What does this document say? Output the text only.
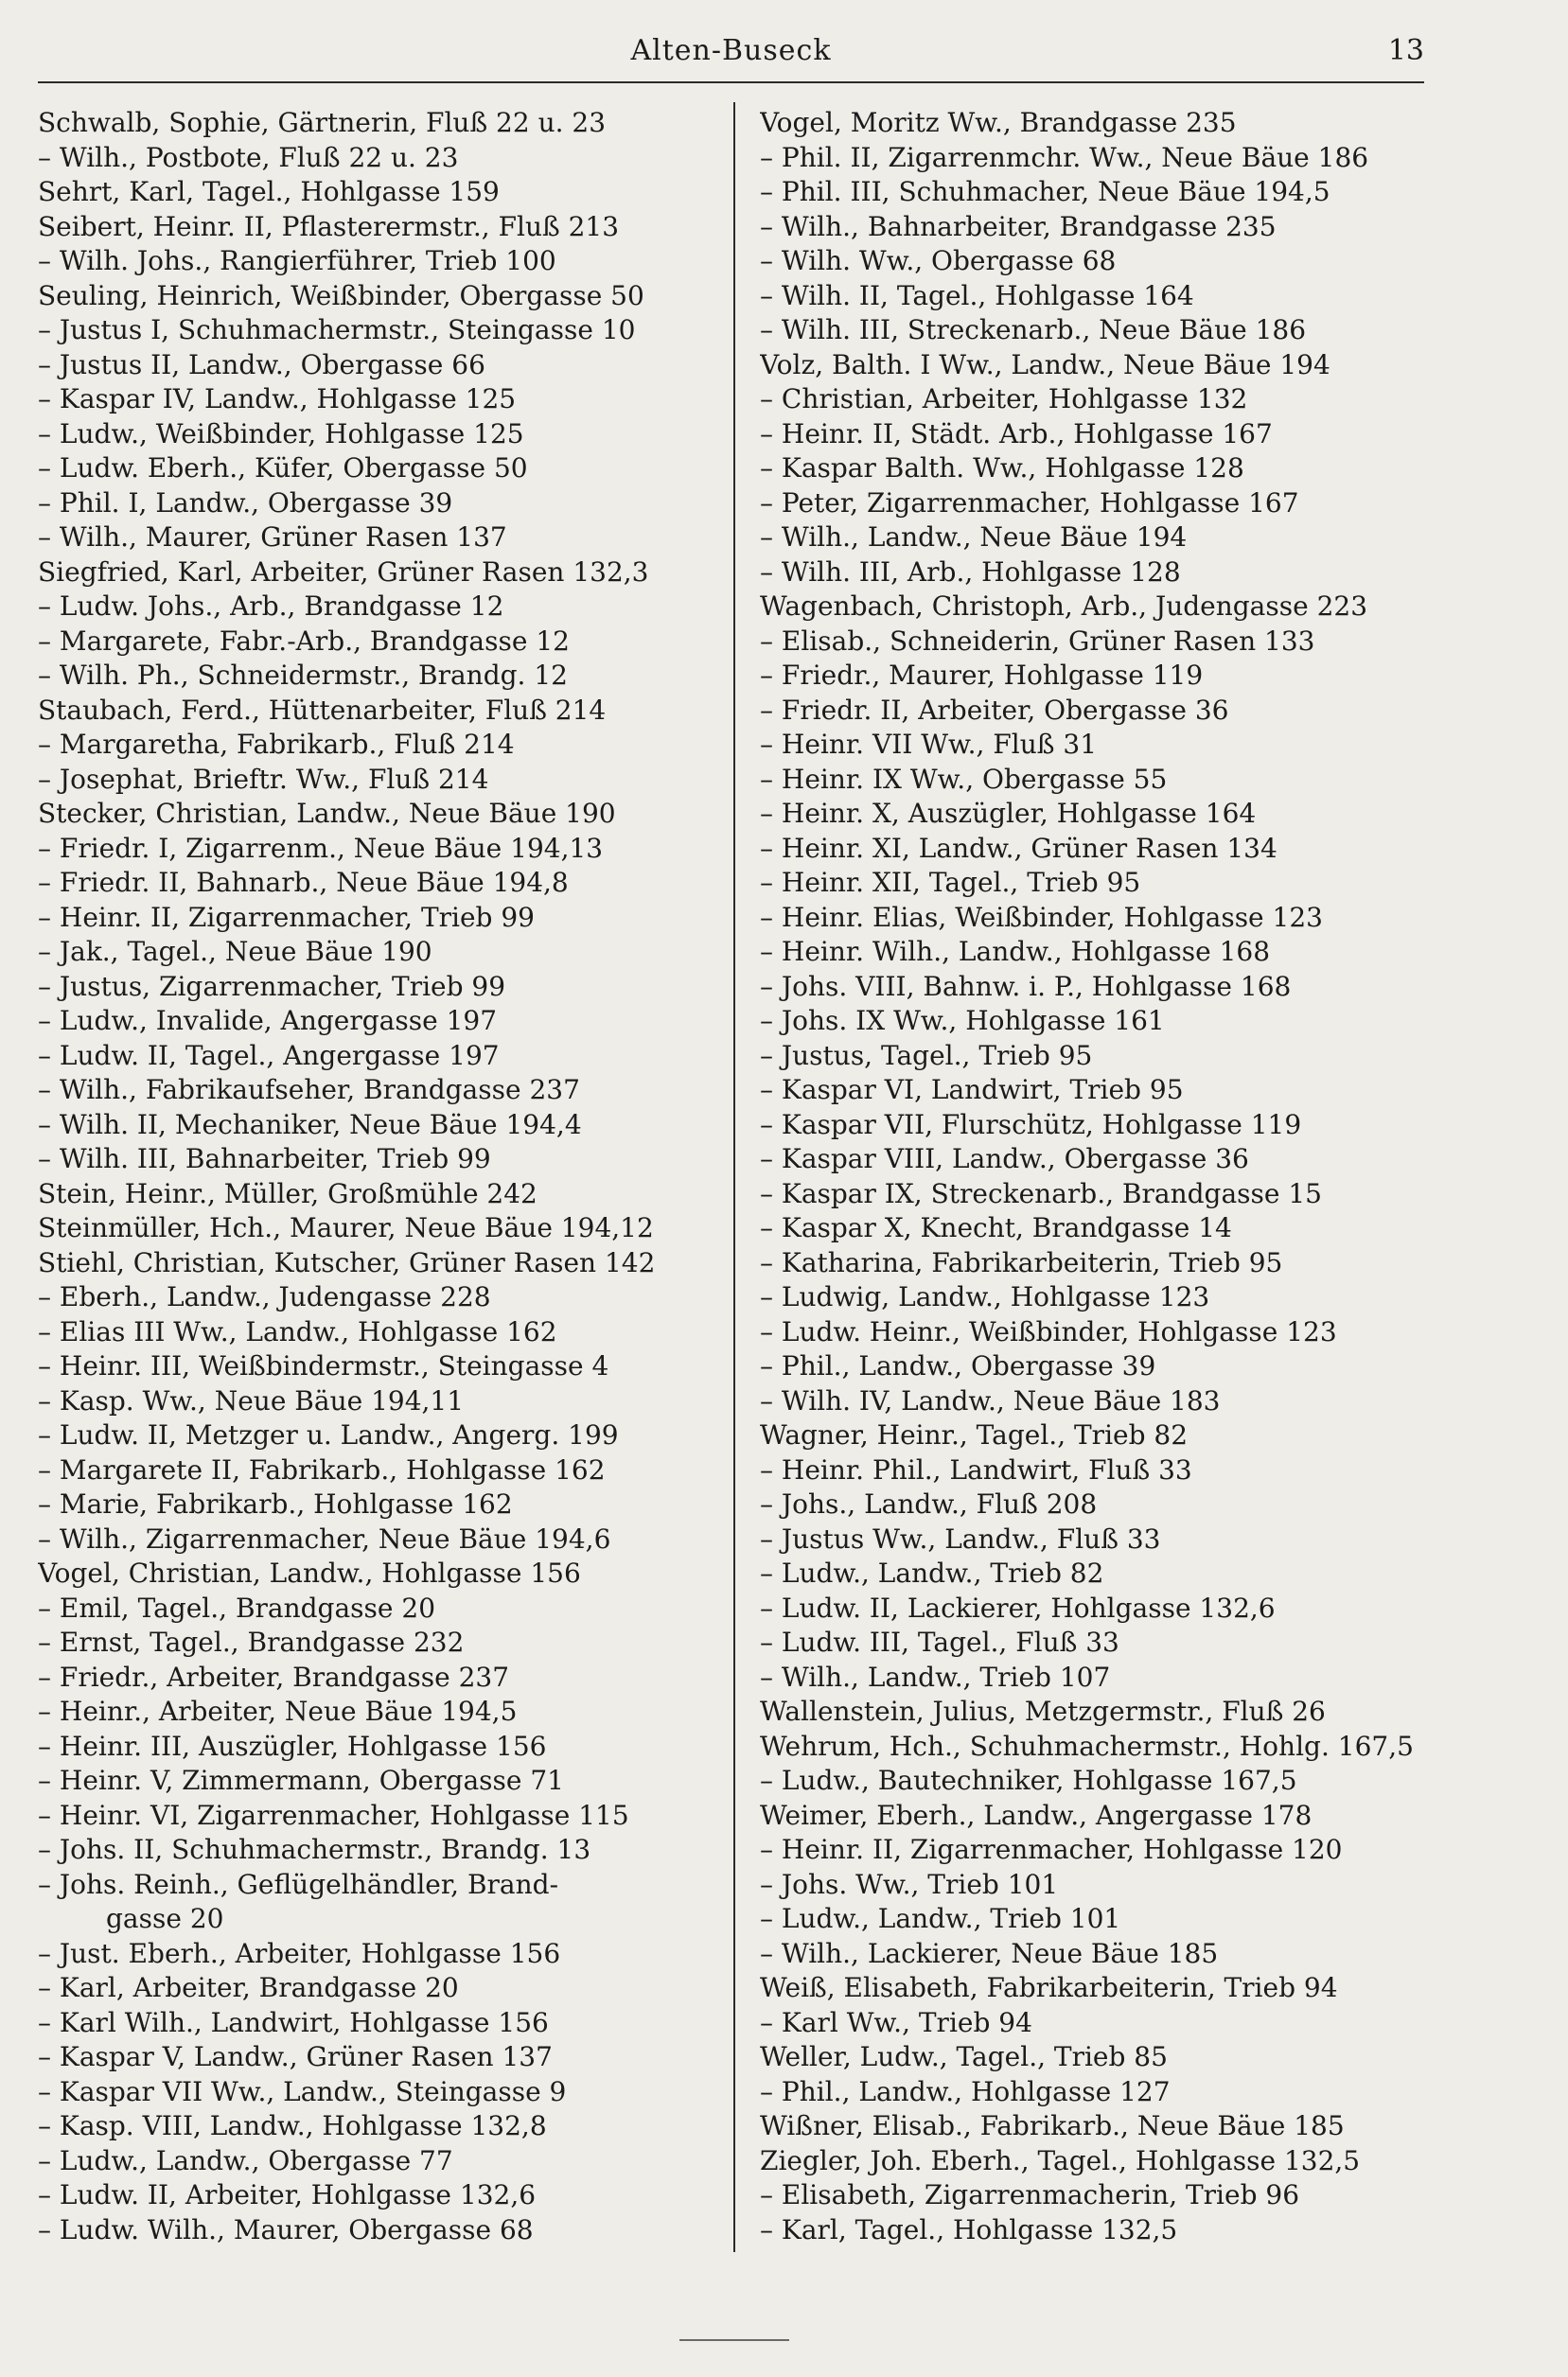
Alten-Buseck	13
Schwalb, Sophie, Gärtnerin, Fluß 22 u. 23
– Wilh., Postbote, Fluß 22 u. 23
Sehrt, Karl, Tagel., Hohlgasse 159
Seibert, Heinr. II, Pflasterermstr., Fluß 213
– Wilh. Johs., Rangierführer, Trieb 100
Seuling, Heinrich, Weißbinder, Obergasse 50
– Justus I, Schuhmachermstr., Steingasse 10
– Justus II, Landw., Obergasse 66
– Kaspar IV, Landw., Hohlgasse 125
– Ludw., Weißbinder, Hohlgasse 125
– Ludw. Eberh., Küfer, Obergasse 50
– Phil. I, Landw., Obergasse 39
– Wilh., Maurer, Grüner Rasen 137
Siegfried, Karl, Arbeiter, Grüner Rasen 132,3
– Ludw. Johs., Arb., Brandgasse 12
– Margarete, Fabr.-Arb., Brandgasse 12
– Wilh. Ph., Schneidermstr., Brandg. 12
Staubach, Ferd., Hüttenarbeiter, Fluß 214
– Margaretha, Fabrikarb., Fluß 214
– Josephat, Brieftr. Ww., Fluß 214
Stecker, Christian, Landw., Neue Bäue 190
– Friedr. I, Zigarrenm., Neue Bäue 194,13
– Friedr. II, Bahnarb., Neue Bäue 194,8
– Heinr. II, Zigarrenmacher, Trieb 99
– Jak., Tagel., Neue Bäue 190
– Justus, Zigarrenmacher, Trieb 99
– Ludw., Invalide, Angergasse 197
– Ludw. II, Tagel., Angergasse 197
– Wilh., Fabrikaufseher, Brandgasse 237
– Wilh. II, Mechaniker, Neue Bäue 194,4
– Wilh. III, Bahnarbeiter, Trieb 99
Stein, Heinr., Müller, Großmühle 242
Steinmüller, Hch., Maurer, Neue Bäue 194,12
Stiehl, Christian, Kutscher, Grüner Rasen 142
– Eberh., Landw., Judengasse 228
– Elias III Ww., Landw., Hohlgasse 162
– Heinr. III, Weißbindermstr., Steingasse 4
– Kasp. Ww., Neue Bäue 194,11
– Ludw. II, Metzger u. Landw., Angerg. 199
– Margarete II, Fabrikarb., Hohlgasse 162
– Marie, Fabrikarb., Hohlgasse 162
– Wilh., Zigarrenmacher, Neue Bäue 194,6
Vogel, Christian, Landw., Hohlgasse 156
– Emil, Tagel., Brandgasse 20
– Ernst, Tagel., Brandgasse 232
– Friedr., Arbeiter, Brandgasse 237
– Heinr., Arbeiter, Neue Bäue 194,5
– Heinr. III, Auszügler, Hohlgasse 156
– Heinr. V, Zimmermann, Obergasse 71
– Heinr. VI, Zigarrenmacher, Hohlgasse 115
– Johs. II, Schuhmachermstr., Brandg. 13
– Johs. Reinh., Geflügelhändler, Brand-
gasse 20
– Just. Eberh., Arbeiter, Hohlgasse 156
– Karl, Arbeiter, Brandgasse 20
– Karl Wilh., Landwirt, Hohlgasse 156
– Kaspar V, Landw., Grüner Rasen 137
– Kaspar VII Ww., Landw., Steingasse 9
– Kasp. VIII, Landw., Hohlgasse 132,8
– Ludw., Landw., Obergasse 77
– Ludw. II, Arbeiter, Hohlgasse 132,6
– Ludw. Wilh., Maurer, Obergasse 68
Vogel, Moritz Ww., Brandgasse 235
– Phil. II, Zigarrenmchr. Ww., Neue Bäue 186
– Phil. III, Schuhmacher, Neue Bäue 194,5
– Wilh., Bahnarbeiter, Brandgasse 235
– Wilh. Ww., Obergasse 68
– Wilh. II, Tagel., Hohlgasse 164
– Wilh. III, Streckenarb., Neue Bäue 186
Volz, Balth. I Ww., Landw., Neue Bäue 194
– Christian, Arbeiter, Hohlgasse 132
– Heinr. II, Städt. Arb., Hohlgasse 167
– Kaspar Balth. Ww., Hohlgasse 128
– Peter, Zigarrenmacher, Hohlgasse 167
– Wilh., Landw., Neue Bäue 194
– Wilh. III, Arb., Hohlgasse 128
Wagenbach, Christoph, Arb., Judengasse 223
– Elisab., Schneiderin, Grüner Rasen 133
– Friedr., Maurer, Hohlgasse 119
– Friedr. II, Arbeiter, Obergasse 36
– Heinr. VII Ww., Fluß 31
– Heinr. IX Ww., Obergasse 55
– Heinr. X, Auszügler, Hohlgasse 164
– Heinr. XI, Landw., Grüner Rasen 134
– Heinr. XII, Tagel., Trieb 95
– Heinr. Elias, Weißbinder, Hohlgasse 123
– Heinr. Wilh., Landw., Hohlgasse 168
– Johs. VIII, Bahnw. i. P., Hohlgasse 168
– Johs. IX Ww., Hohlgasse 161
– Justus, Tagel., Trieb 95
– Kaspar VI, Landwirt, Trieb 95
– Kaspar VII, Flurschütz, Hohlgasse 119
– Kaspar VIII, Landw., Obergasse 36
– Kaspar IX, Streckenarb., Brandgasse 15
– Kaspar X, Knecht, Brandgasse 14
– Katharina, Fabrikarbeiterin, Trieb 95
– Ludwig, Landw., Hohlgasse 123
– Ludw. Heinr., Weißbinder, Hohlgasse 123
– Phil., Landw., Obergasse 39
– Wilh. IV, Landw., Neue Bäue 183
Wagner, Heinr., Tagel., Trieb 82
– Heinr. Phil., Landwirt, Fluß 33
– Johs., Landw., Fluß 208
– Justus Ww., Landw., Fluß 33
– Ludw., Landw., Trieb 82
– Ludw. II, Lackierer, Hohlgasse 132,6
– Ludw. III, Tagel., Fluß 33
– Wilh., Landw., Trieb 107
Wallenstein, Julius, Metzgermstr., Fluß 26
Wehrum, Hch., Schuhmachermstr., Hohlg. 167,5
– Ludw., Bautechniker, Hohlgasse 167,5
Weimer, Eberh., Landw., Angergasse 178
– Heinr. II, Zigarrenmacher, Hohlgasse 120
– Johs. Ww., Trieb 101
– Ludw., Landw., Trieb 101
– Wilh., Lackierer, Neue Bäue 185
Weiß, Elisabeth, Fabrikarbeiterin, Trieb 94
– Karl Ww., Trieb 94
Weller, Ludw., Tagel., Trieb 85
– Phil., Landw., Hohlgasse 127
Wißner, Elisab., Fabrikarb., Neue Bäue 185
Ziegler, Joh. Eberh., Tagel., Hohlgasse 132,5
– Elisabeth, Zigarrenmacherin, Trieb 96
– Karl, Tagel., Hohlgasse 132,5
